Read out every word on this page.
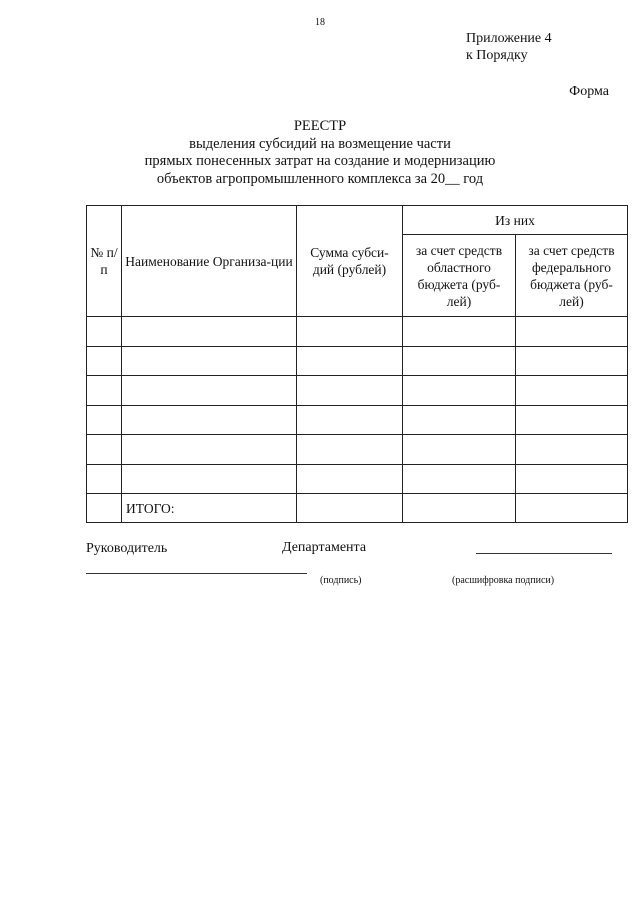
18
Приложение 4
к Порядку
Форма
РЕЕСТР
выделения субсидий на возмещение части
прямых понесенных затрат на создание и модернизацию
объектов агропромышленного комплекса за 20__ год
№ п/п	Наименование Организа-ции	Сумма субси-дий (рублей)	Из них	
			за счет средств областного бюджета (руб-лей)	за счет средств федерального бюджета (руб-лей)

	ИТОГО:			
Руководитель	Департамента
(подпись)	(расшифровка подписи)
